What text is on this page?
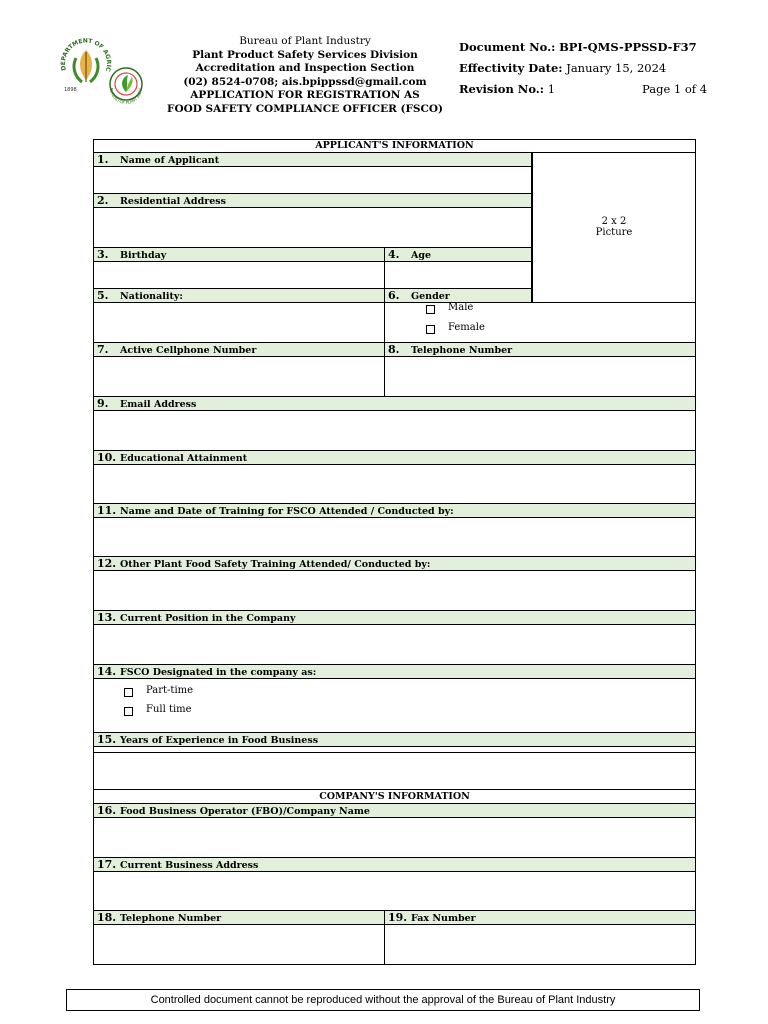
DEPARTMENT OF AGRIC
1898	BUREAU OF PLANT INDU
Bureau of Plant Industry
Plant Product Safety Services Division
Accreditation and Inspection Section
(02) 8524-0708; ais.bpippssd@gmail.com
APPLICATION FOR REGISTRATION AS
FOOD SAFETY COMPLIANCE OFFICER (FSCO)
Document No.: BPI-QMS-PPSSD-F37
Effectivity Date: January 15, 2024
Revision No.: 1	Page 1 of 4
APPLICANT'S INFORMATION
2 x 2
Picture
1. Name of Applicant
2. Residential Address
3. Birthday	4. Age
5. Nationality:	6. Gender
Male
Female
7. Active Cellphone Number	8. Telephone Number
9. Email Address
10. Educational Attainment
11. Name and Date of Training for FSCO Attended / Conducted by:
12. Other Plant Food Safety Training Attended/ Conducted by:
13. Current Position in the Company
14. FSCO Designated in the company as:
Part-time
Full time
15. Years of Experience in Food Business
COMPANY'S INFORMATION
16. Food Business Operator (FBO)/Company Name
17. Current Business Address
18. Telephone Number	19. Fax Number
Controlled document cannot be reproduced without the approval of the Bureau of Plant Industry
